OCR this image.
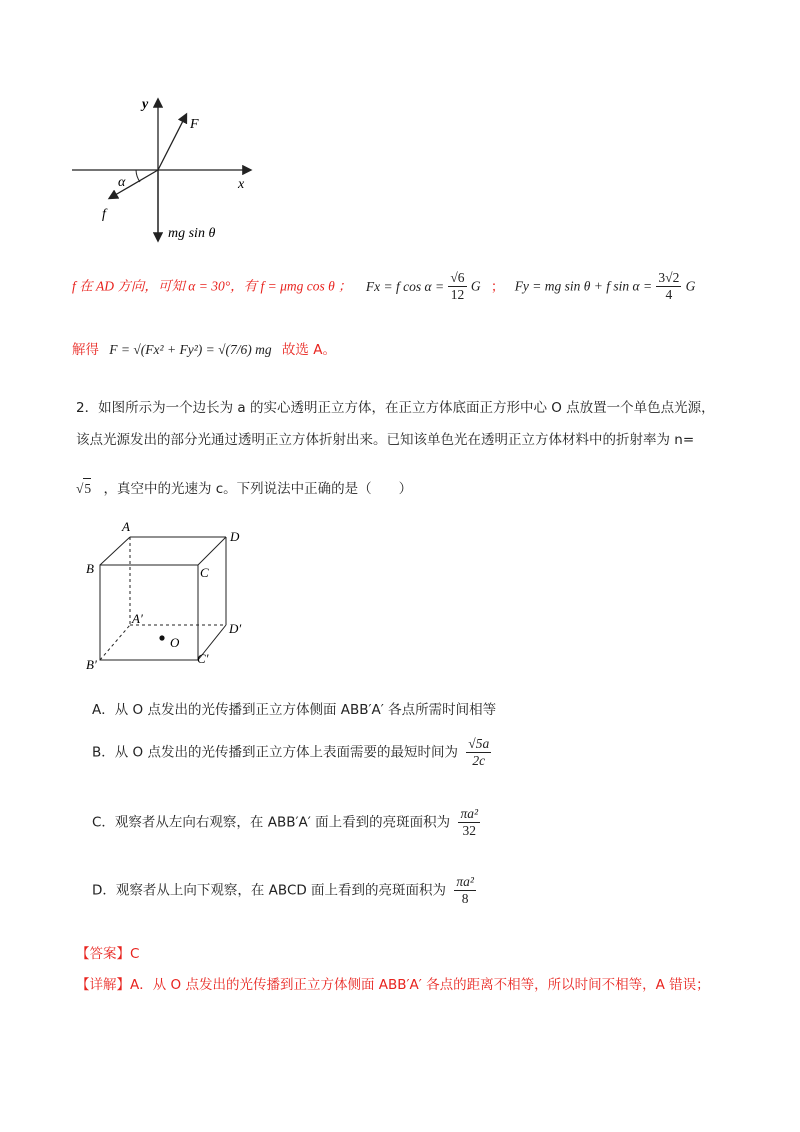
y
x
F
α
f
mg sin θ
f 在 AD 方向，可知 α = 30°，有 f = μmg cos θ ； Fx = f $\cos \alpha = \frac{√6}{12}$ G ； Fy = mg sin θ + f $\sin \alpha = \frac{3√2}{4}$ G
解得 F = √(Fx² + Fy²) = √(7/6) mg 故选 A。
2．如图所示为一个边长为 a 的实心透明正立方体，在正立方体底面正方形中心 O 点放置一个单色点光源，
该点光源发出的部分光通过透明正立方体折射出来。已知该单色光在透明正立方体材料中的折射率为 n=
√5 ，真空中的光速为 c。下列说法中正确的是（　　）
A
D
B	C
A′
D′
O
B′	C′
A．从 O 点发出的光传播到正立方体侧面 ABB′A′ 各点所需时间相等
B．从 O 点发出的光传播到正立方体上表面需要的最短时间为 $\frac{√5a}{2c}$
C．观察者从左向右观察，在 ABB′A′ 面上看到的亮斑面积为 $\frac{\text{πa²}}{32}$
D．观察者从上向下观察，在 ABCD 面上看到的亮斑面积为 $\frac{\text{πa²}}{8}$
【答案】C
【详解】A．从 O 点发出的光传播到正立方体侧面 ABB′A′ 各点的距离不相等，所以时间不相等，A 错误；
